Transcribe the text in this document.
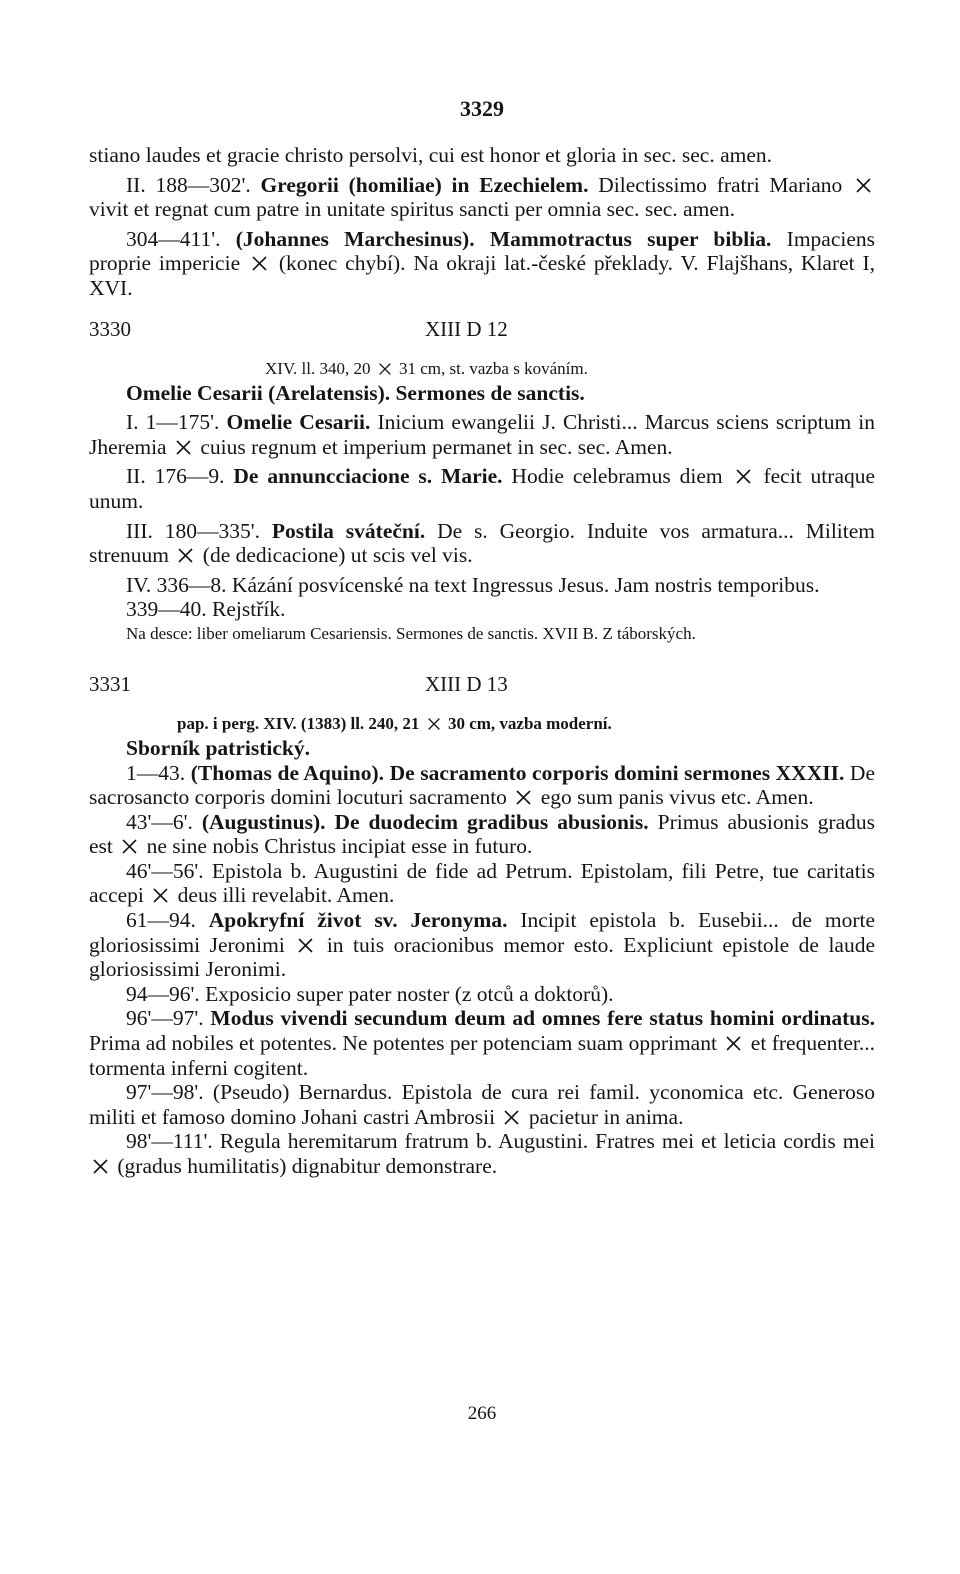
3329

stiano laudes et gracie christo persolvi, cui est honor et gloria in sec. sec. amen.

II. 188—302'. Gregorii (homiliae) in Ezechielem. Dilectissimo fratri Mariano
vivit et regnat cum patre in unitate spiritus sancti per omnia sec. sec. amen.

304—411'. (Johannes Marchesinus). Mammotractus super biblia. Impaciens proprie impericie (konec chybí). Na okraji lat.-české překlady. V. Flajšhans, Klaret I, XVI.

3330	XIII D 12
XIV. ll. 340, 20 31 cm, st. vazba s kováním.

Omelie Cesarii (Arelatensis). Sermones de sanctis.

I. 1—175'. Omelie Cesarii. Inicium ewangelii J. Christi... Marcus sciens scriptum in Jheremia cuius regnum et imperium permanet in sec. sec. Amen.

II. 176—9. De annuncciacione s. Marie. Hodie celebramus diem fecit utraque unum.

III. 180—335'. Postila sváteční. De s. Georgio. Induite vos armatura... Militem strenuum (de dedicacione) ut scis vel vis.

IV. 336—8. Kázání posvícenské na text Ingressus Jesus. Jam nostris temporibus.

339—40. Rejstřík.

Na desce: liber omeliarum Cesariensis. Sermones de sanctis. XVII B. Z táborských.

3331	XIII D 13
pap. i perg. XIV. (1383) ll. 240, 21 30 cm, vazba moderní.

Sborník patristický.

1—43. (Thomas de Aquino). De sacramento corporis domini sermones XXXII. De sacrosancto corporis domini locuturi sacramento ego sum panis vivus etc. Amen.

43'—6'. (Augustinus). De duodecim gradibus abusionis. Primus abusionis gradus est ne sine nobis Christus incipiat esse in futuro.

46'—56'. Epistola b. Augustini de fide ad Petrum. Epistolam, fili Petre, tue caritatis accepi deus illi revelabit. Amen.

61—94. Apokryfní život sv. Jeronyma. Incipit epistola b. Eusebii... de morte gloriosissimi Jeronimi in tuis oracionibus memor esto. Expliciunt epistole de laude gloriosissimi Jeronimi.

94—96'. Exposicio super pater noster (z otců a doktorů).

96'—97'. Modus vivendi secundum deum ad omnes fere status homini ordinatus. Prima ad nobiles et potentes. Ne potentes per potenciam suam opprimant et frequenter... tormenta inferni cogitent.

97'—98'. (Pseudo) Bernardus. Epistola de cura rei famil. yconomica etc. Generoso militi et famoso domino Johani castri Ambrosii pacietur in anima.

98'—111'. Regula heremitarum fratrum b. Augustini. Fratres mei et leticia cordis mei
(gradus humilitatis) dignabitur demonstrare.

266
